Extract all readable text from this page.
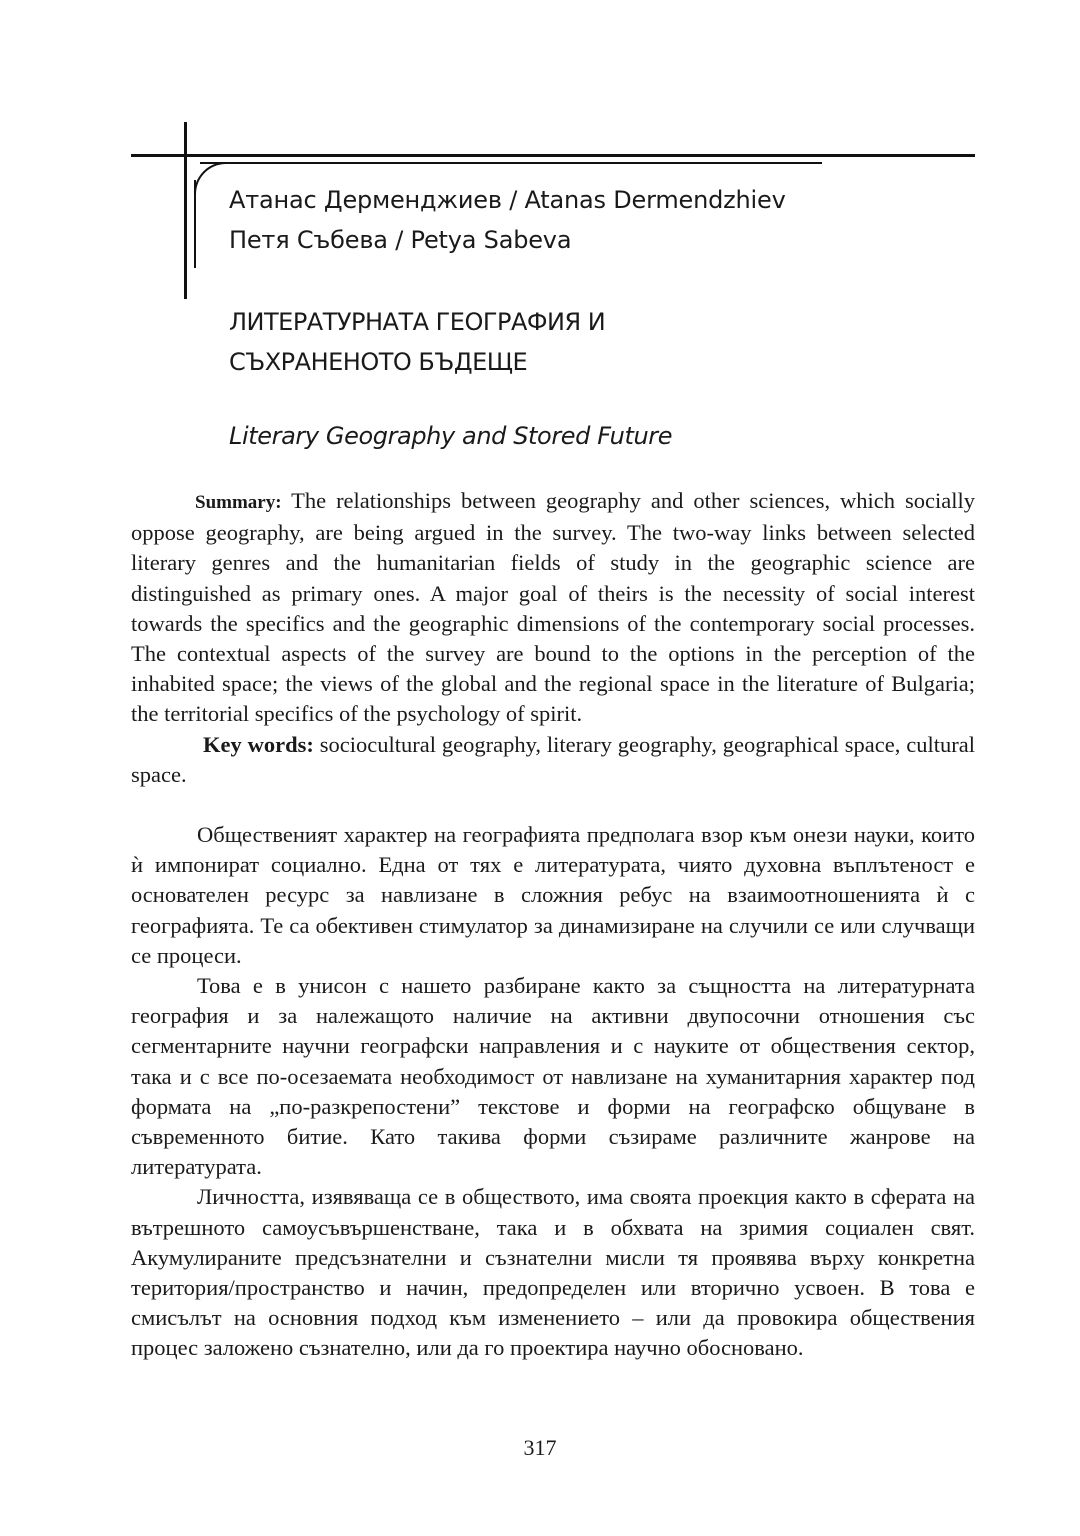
Атанас Дерменджиев / Atanas Dermendzhiev
Петя Събева / Petya Sabeva
ЛИТЕРАТУРНАТА ГЕОГРАФИЯ И
СЪХРАНЕНОТО БЪДЕЩЕ
Literary Geography and Stored Future

Summary: The relationships between geography and other sciences, which socially oppose geography, are being argued in the survey. The two-way links between selected literary genres and the humanitarian fields of study in the geographic science are distinguished as primary ones. A major goal of theirs is the necessity of social interest towards the specifics and the geographic dimensions of the contemporary social processes. The contextual aspects of the survey are bound to the options in the perception of the inhabited space; the views of the global and the regional space in the literature of Bulgaria; the territorial specifics of the psychology of spirit.

Key words: sociocultural geography, literary geography, geographical space, cultural space.

Общественият характер на географията предполага взор към онези науки, които ѝ импонират социално. Една от тях е литературата, чиято духовна въплътеност е основателен ресурс за навлизане в сложния ребус на взаимоотношенията ѝ с географията. Те са обективен стимулатор за динамизиране на случили се или случващи се процеси.

Това е в унисон с нашето разбиране както за същността на литературната география и за належащото наличие на активни двупосочни отношения със сегментарните научни географски направления и с науките от обществения сектор, така и с все по-осезаемата необходимост от навлизане на хуманитарния характер под формата на „по-разкрепостени” текстове и форми на географско общуване в съвременното битие. Като такива форми съзираме различните жанрове на литературата.

Личността, изявяваща се в обществото, има своята проекция както в сферата на вътрешното самоусъвършенстване, така и в обхвата на зримия социален свят. Акумулираните предсъзнателни и съзнателни мисли тя проявява върху конкретна територия/пространство и начин, предопределен или вторично усвоен. В това е смисълът на основния подход към изменението – или да провокира обществения процес заложено съзнателно, или да го проектира научно обосновано.

317
